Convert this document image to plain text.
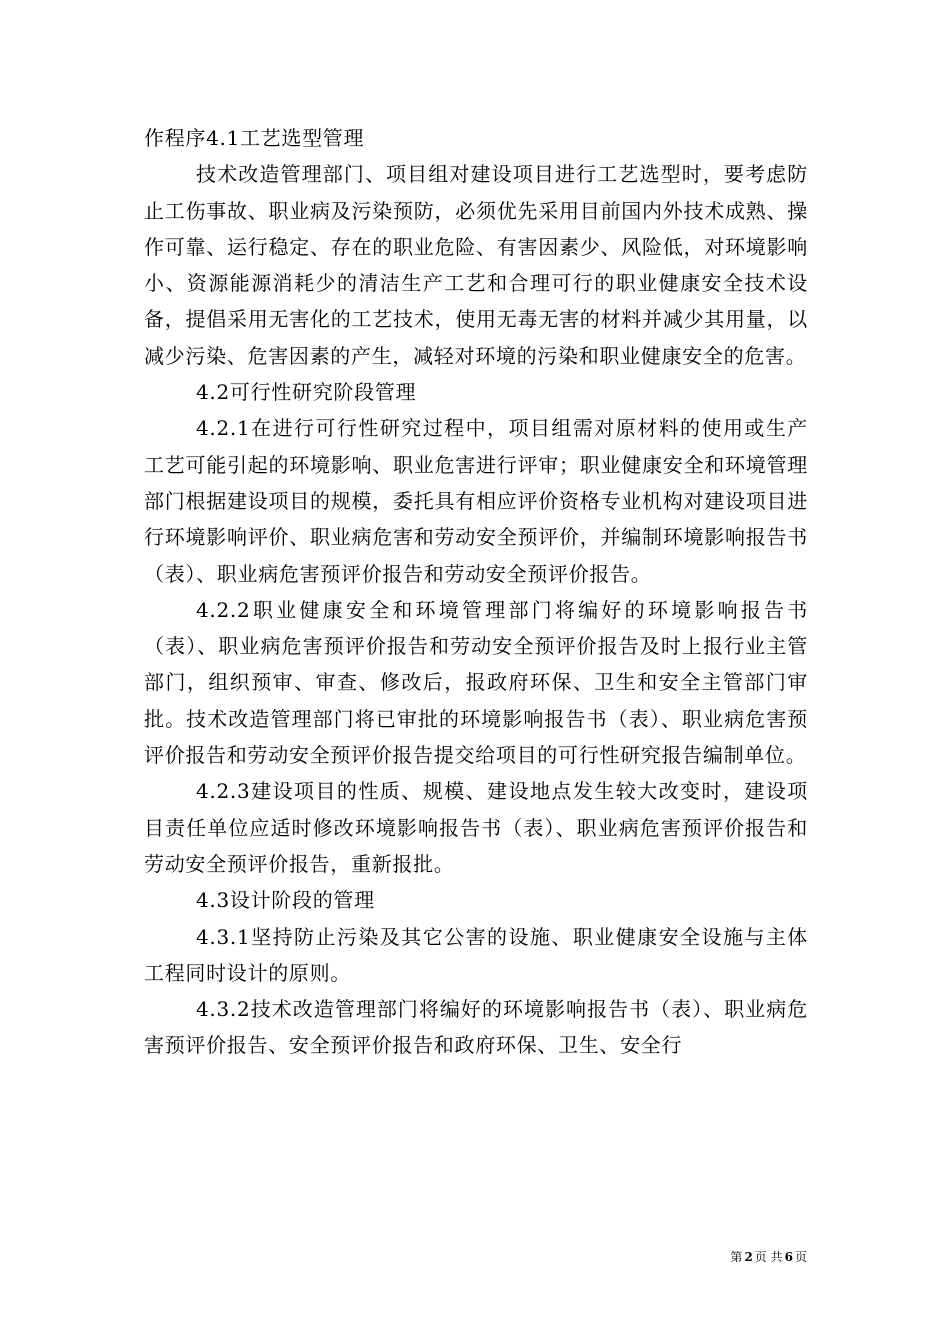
作程序4.1工艺选型管理

技术改造管理部门、项目组对建设项目进行工艺选型时，要考虑防止工伤事故、职业病及污染预防，必须优先采用目前国内外技术成熟、操作可靠、运行稳定、存在的职业危险、有害因素少、风险低，对环境影响小、资源能源消耗少的清洁生产工艺和合理可行的职业健康安全技术设备，提倡采用无害化的工艺技术，使用无毒无害的材料并减少其用量，以减少污染、危害因素的产生，减轻对环境的污染和职业健康安全的危害。

4.2可行性研究阶段管理

4.2.1在进行可行性研究过程中，项目组需对原材料的使用或生产工艺可能引起的环境影响、职业危害进行评审；职业健康安全和环境管理部门根据建设项目的规模，委托具有相应评价资格专业机构对建设项目进行环境影响评价、职业病危害和劳动安全预评价，并编制环境影响报告书（表）、职业病危害预评价报告和劳动安全预评价报告。

4.2.2职业健康安全和环境管理部门将编好的环境影响报告书（表）、职业病危害预评价报告和劳动安全预评价报告及时上报行业主管部门，组织预审、审查、修改后，报政府环保、卫生和安全主管部门审批。技术改造管理部门将已审批的环境影响报告书（表）、职业病危害预评价报告和劳动安全预评价报告提交给项目的可行性研究报告编制单位。

4.2.3建设项目的性质、规模、建设地点发生较大改变时，建设项目责任单位应适时修改环境影响报告书（表）、职业病危害预评价报告和劳动安全预评价报告，重新报批。

4.3设计阶段的管理

4.3.1坚持防止污染及其它公害的设施、职业健康安全设施与主体工程同时设计的原则。

4.3.2技术改造管理部门将编好的环境影响报告书（表）、职业病危害预评价报告、安全预评价报告和政府环保、卫生、安全行

第 2 页 共 6 页
